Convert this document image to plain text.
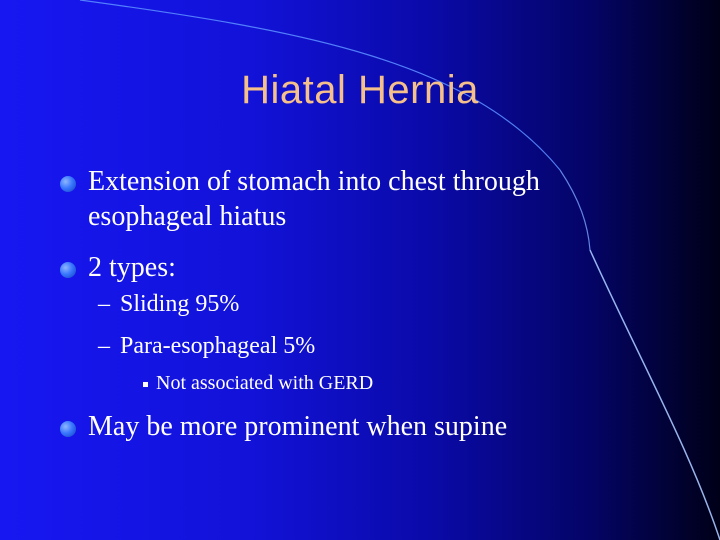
Hiatal Hernia
Extension of stomach into chest through
esophageal hiatus
2 types:
– Sliding 95%
– Para-esophageal 5%
Not associated with GERD
May be more prominent when supine
